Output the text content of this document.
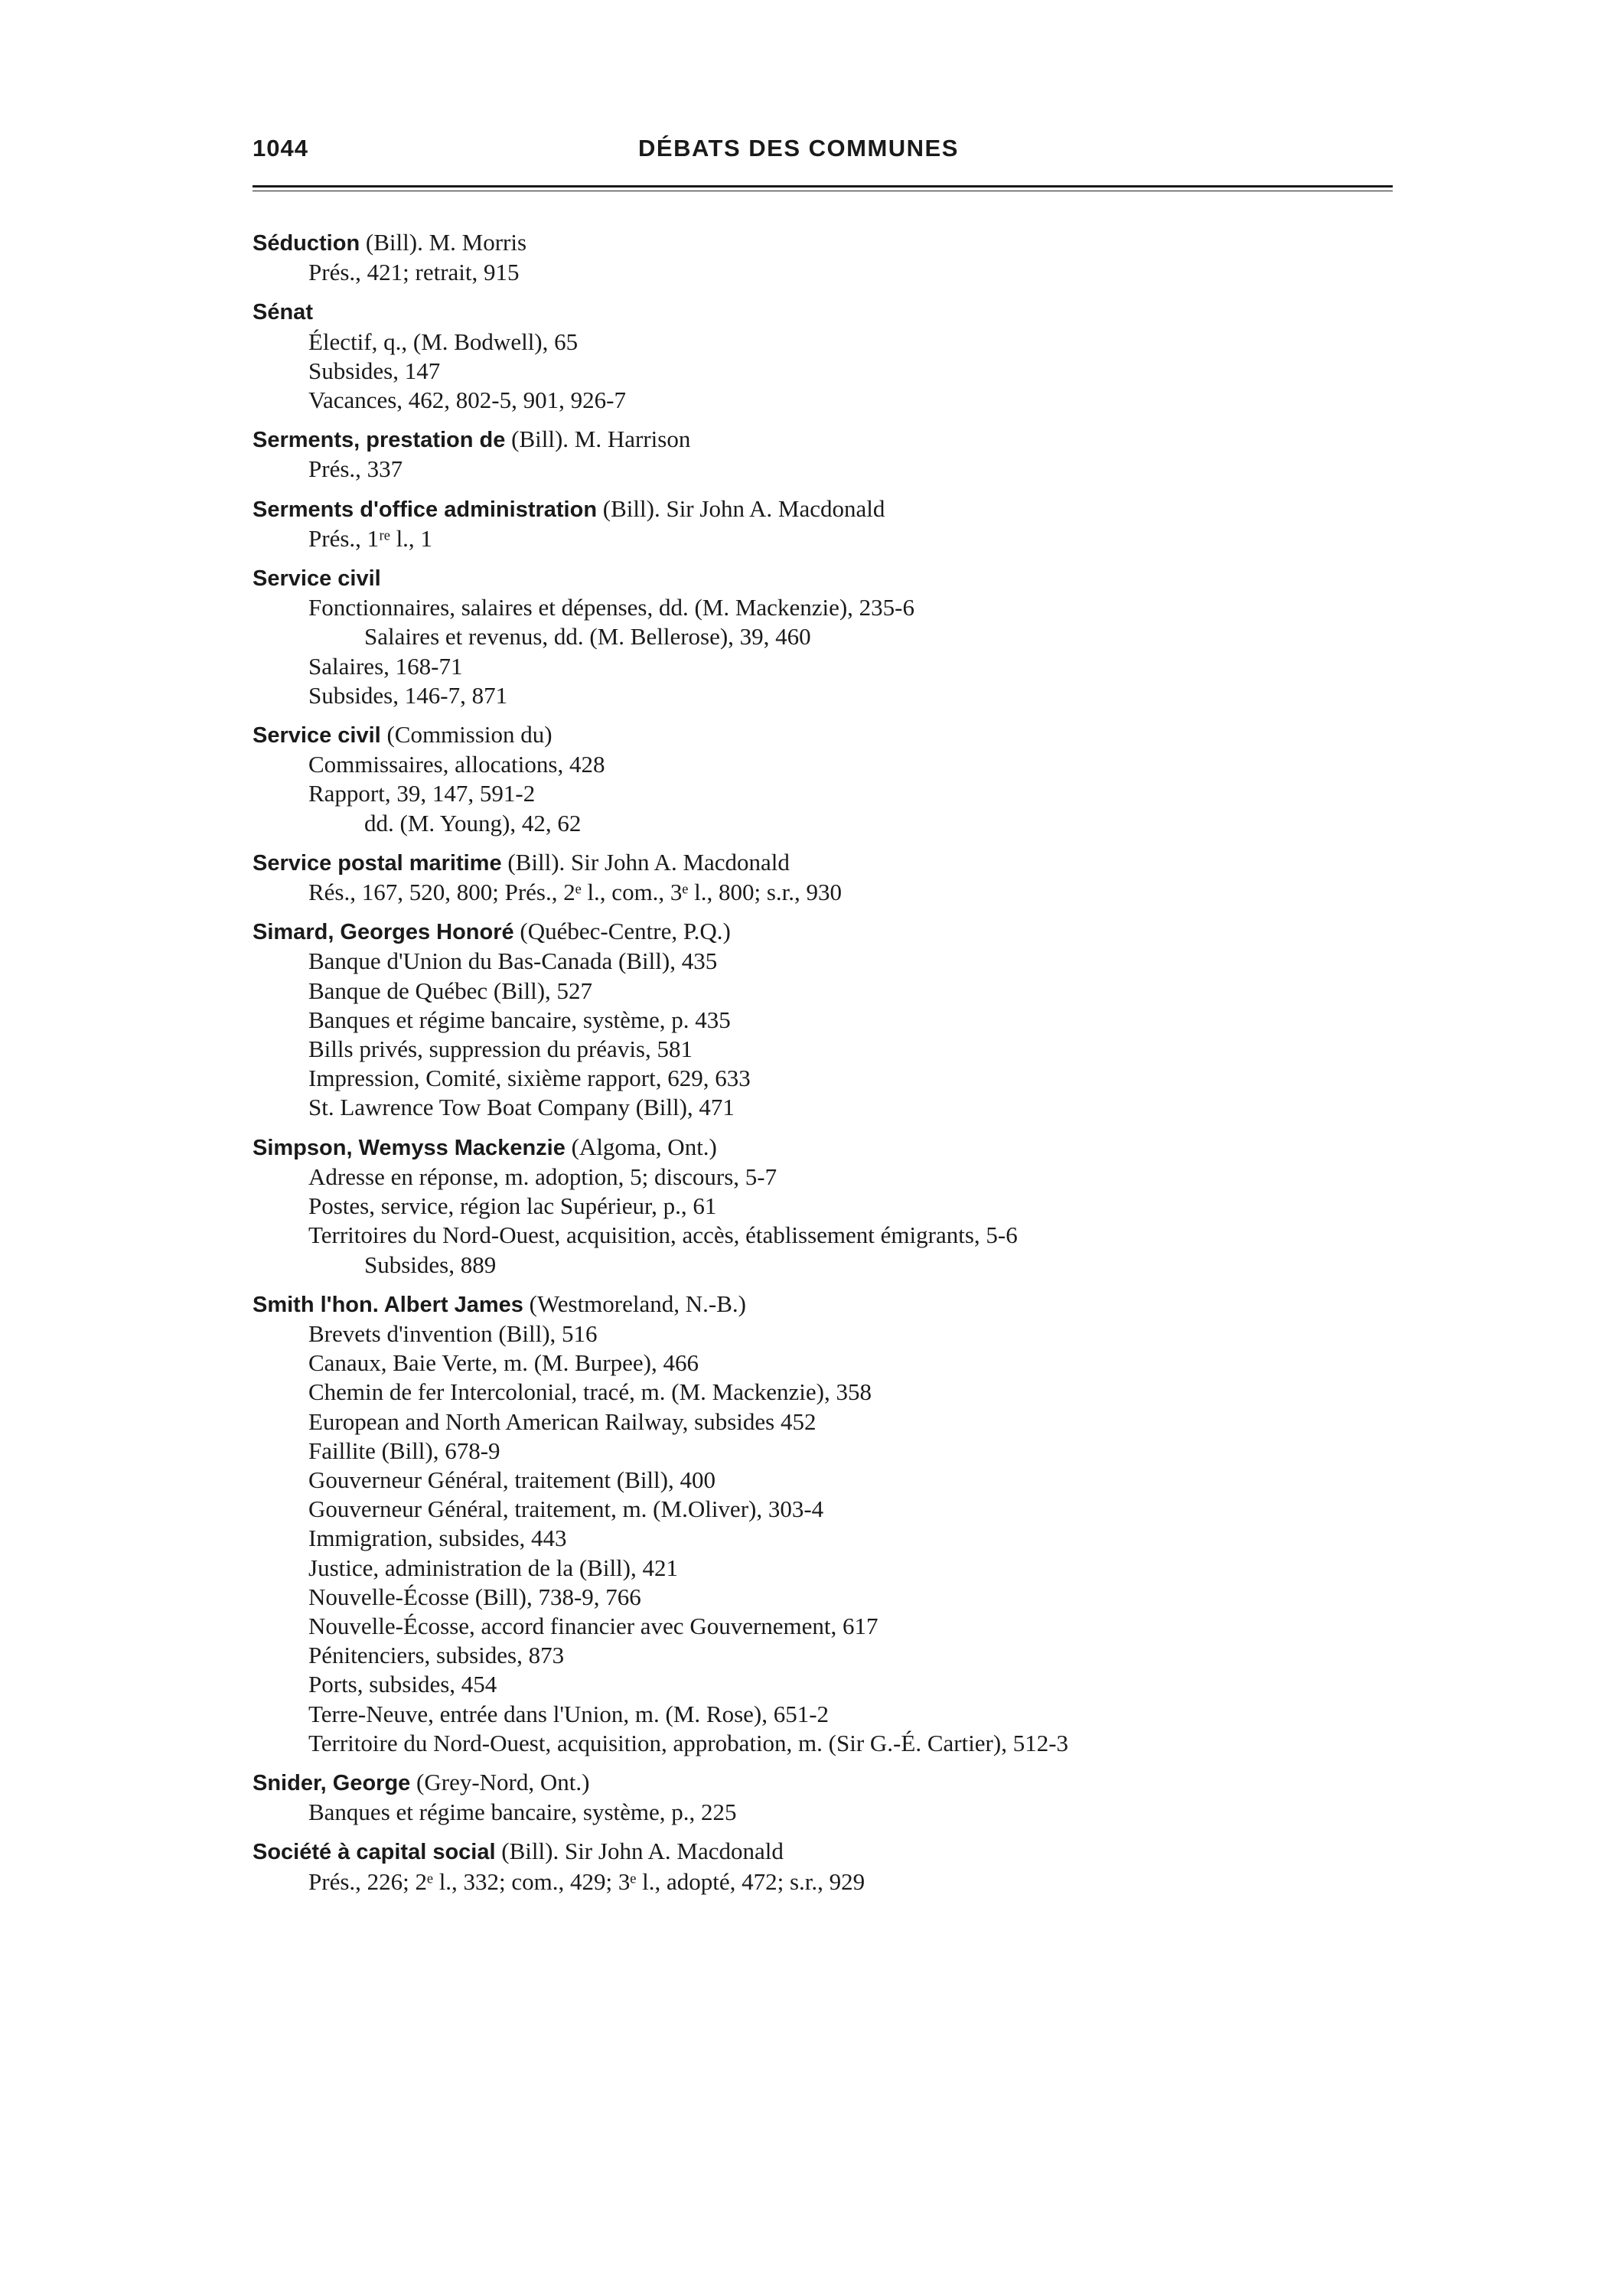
1044	DÉBATS DES COMMUNES
Séduction (Bill). M. Morris
Prés., 421; retrait, 915
Sénat
Électif, q., (M. Bodwell), 65
Subsides, 147
Vacances, 462, 802-5, 901, 926-7
Serments, prestation de (Bill). M. Harrison
Prés., 337
Serments d'office administration (Bill). Sir John A. Macdonald
Prés., 1ʳᵉ l., 1
Service civil
Fonctionnaires, salaires et dépenses, dd. (M. Mackenzie), 235-6
Salaires et revenus, dd. (M. Bellerose), 39, 460
Salaires, 168-71
Subsides, 146-7, 871
Service civil (Commission du)
Commissaires, allocations, 428
Rapport, 39, 147, 591-2
dd. (M. Young), 42, 62
Service postal maritime (Bill). Sir John A. Macdonald
Rés., 167, 520, 800; Prés., 2ᵉ l., com., 3ᵉ l., 800; s.r., 930
Simard, Georges Honoré (Québec-Centre, P.Q.)
Banque d'Union du Bas-Canada (Bill), 435
Banque de Québec (Bill), 527
Banques et régime bancaire, système, p. 435
Bills privés, suppression du préavis, 581
Impression, Comité, sixième rapport, 629, 633
St. Lawrence Tow Boat Company (Bill), 471
Simpson, Wemyss Mackenzie (Algoma, Ont.)
Adresse en réponse, m. adoption, 5; discours, 5-7
Postes, service, région lac Supérieur, p., 61
Territoires du Nord-Ouest, acquisition, accès, établissement émigrants, 5-6
Subsides, 889
Smith l'hon. Albert James (Westmoreland, N.-B.)
Brevets d'invention (Bill), 516
Canaux, Baie Verte, m. (M. Burpee), 466
Chemin de fer Intercolonial, tracé, m. (M. Mackenzie), 358
European and North American Railway, subsides 452
Faillite (Bill), 678-9
Gouverneur Général, traitement (Bill), 400
Gouverneur Général, traitement, m. (M.Oliver), 303-4
Immigration, subsides, 443
Justice, administration de la (Bill), 421
Nouvelle-Écosse (Bill), 738-9, 766
Nouvelle-Écosse, accord financier avec Gouvernement, 617
Pénitenciers, subsides, 873
Ports, subsides, 454
Terre-Neuve, entrée dans l'Union, m. (M. Rose), 651-2
Territoire du Nord-Ouest, acquisition, approbation, m. (Sir G.-É. Cartier), 512-3
Snider, George (Grey-Nord, Ont.)
Banques et régime bancaire, système, p., 225
Société à capital social (Bill). Sir John A. Macdonald
Prés., 226; 2ᵉ l., 332; com., 429; 3ᵉ l., adopté, 472; s.r., 929
